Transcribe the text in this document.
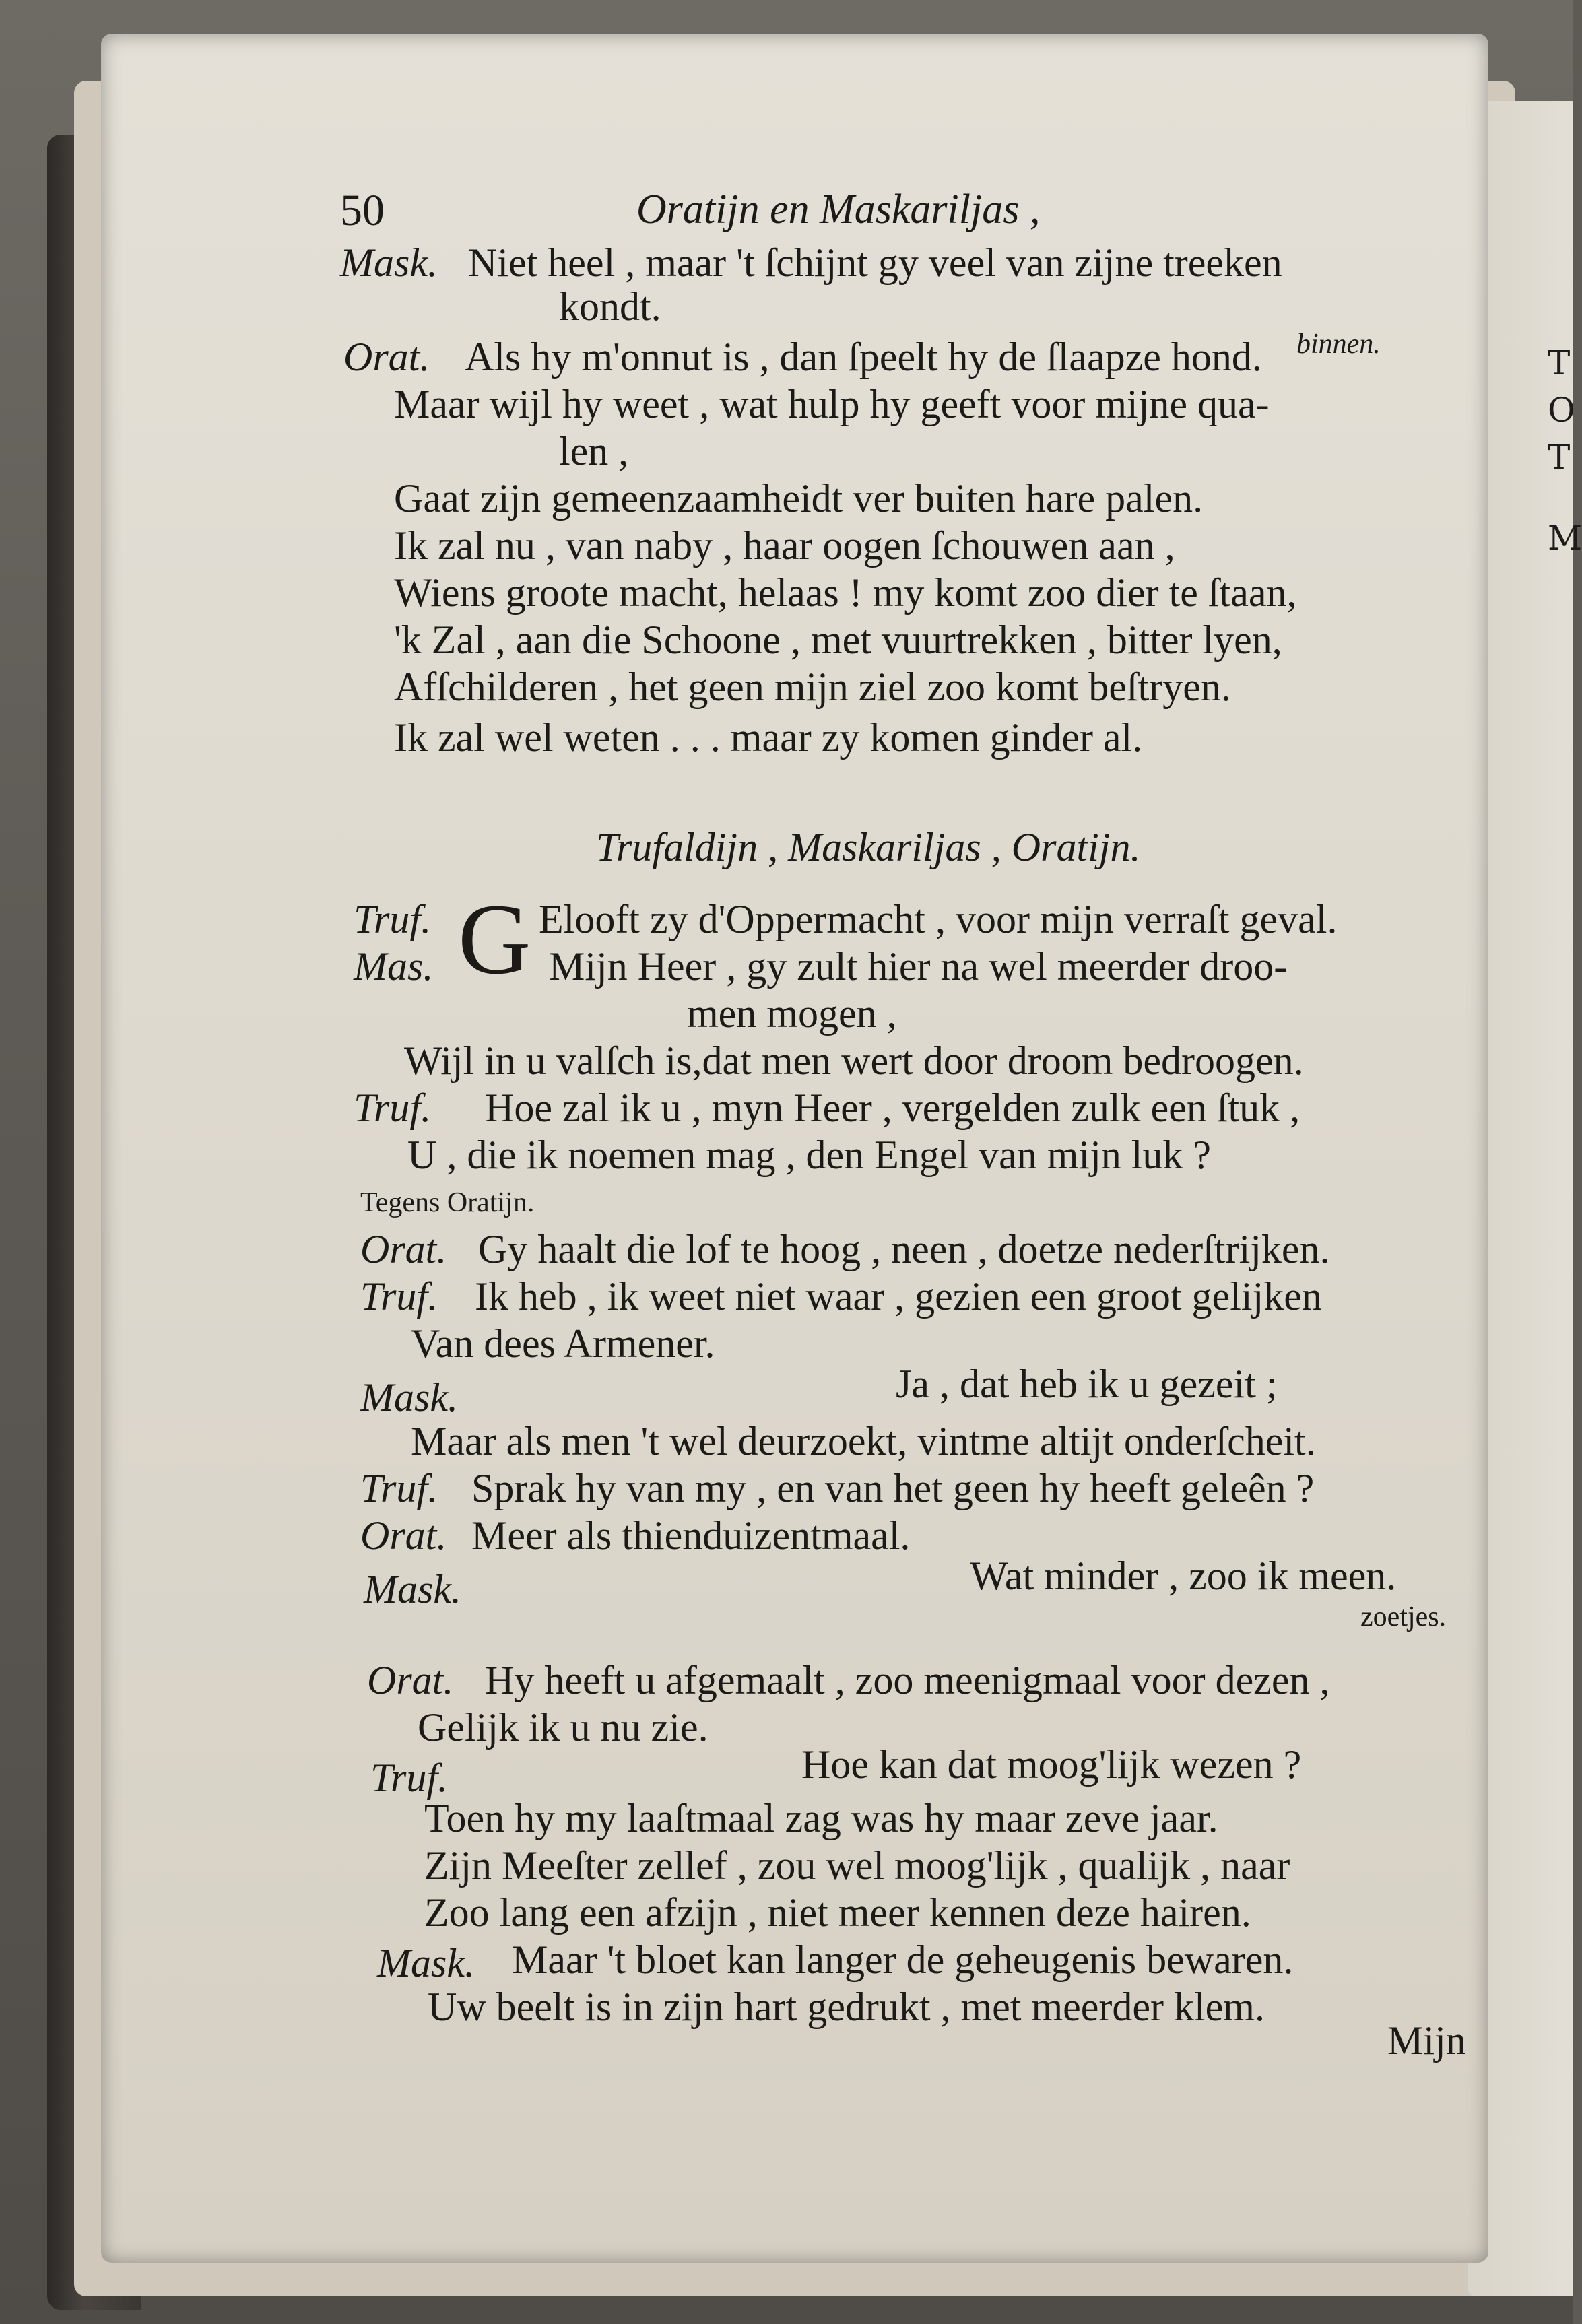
T
O
T
M
50	Oratijn en Maskariljas ,
Mask. Niet heel , maar 't ſchijnt gy veel van zijne treeken
kondt.
binnen.
Orat. Als hy m'onnut is , dan ſpeelt hy de ſlaapze hond.
Maar wijl hy weet , wat hulp hy geeft voor mijne qua-
len ,
Gaat zijn gemeenzaamheidt ver buiten hare palen.
Ik zal nu , van naby , haar oogen ſchouwen aan ,
Wiens groote macht, helaas ! my komt zoo dier te ſtaan,
'k Zal , aan die Schoone , met vuurtrekken , bitter lyen,
Afſchilderen , het geen mijn ziel zoo komt beſtryen.
Ik zal wel weten . . . maar zy komen ginder al.
Trufaldijn , Maskariljas , Oratijn.
Truf. G Elooft zy d'Oppermacht , voor mijn verraſt geval.
Mas.	Mijn Heer , gy zult hier na wel meerder droo-
men mogen ,
Wijl in u valſch is,dat men wert door droom bedroogen.
Truf. Hoe zal ik u , myn Heer , vergelden zulk een ſtuk ,
U , die ik noemen mag , den Engel van mijn luk ?
Tegens Oratijn.
Orat. Gy haalt die lof te hoog , neen , doetze nederſtrijken.
Truf. Ik heb , ik weet niet waar , gezien een groot gelijken
Van dees Armener.
Mask.	Ja , dat heb ik u gezeit ;
Maar als men 't wel deurzoekt, vintme altijt onderſcheit.
Truf. Sprak hy van my , en van het geen hy heeft geleên ?
Orat. Meer als thienduizentmaal.
Mask.	Wat minder , zoo ik meen.
zoetjes.
Orat. Hy heeft u afgemaalt , zoo meenigmaal voor dezen ,
Gelijk ik u nu zie.
Truf.	Hoe kan dat moog'lijk wezen ?
Toen hy my laaſtmaal zag was hy maar zeve jaar.
Zijn Meeſter zellef , zou wel moog'lijk , qualijk , naar
Zoo lang een afzijn , niet meer kennen deze hairen.
Mask. Maar 't bloet kan langer de geheugenis bewaren.
Uw beelt is in zijn hart gedrukt , met meerder klem.
Mijn
